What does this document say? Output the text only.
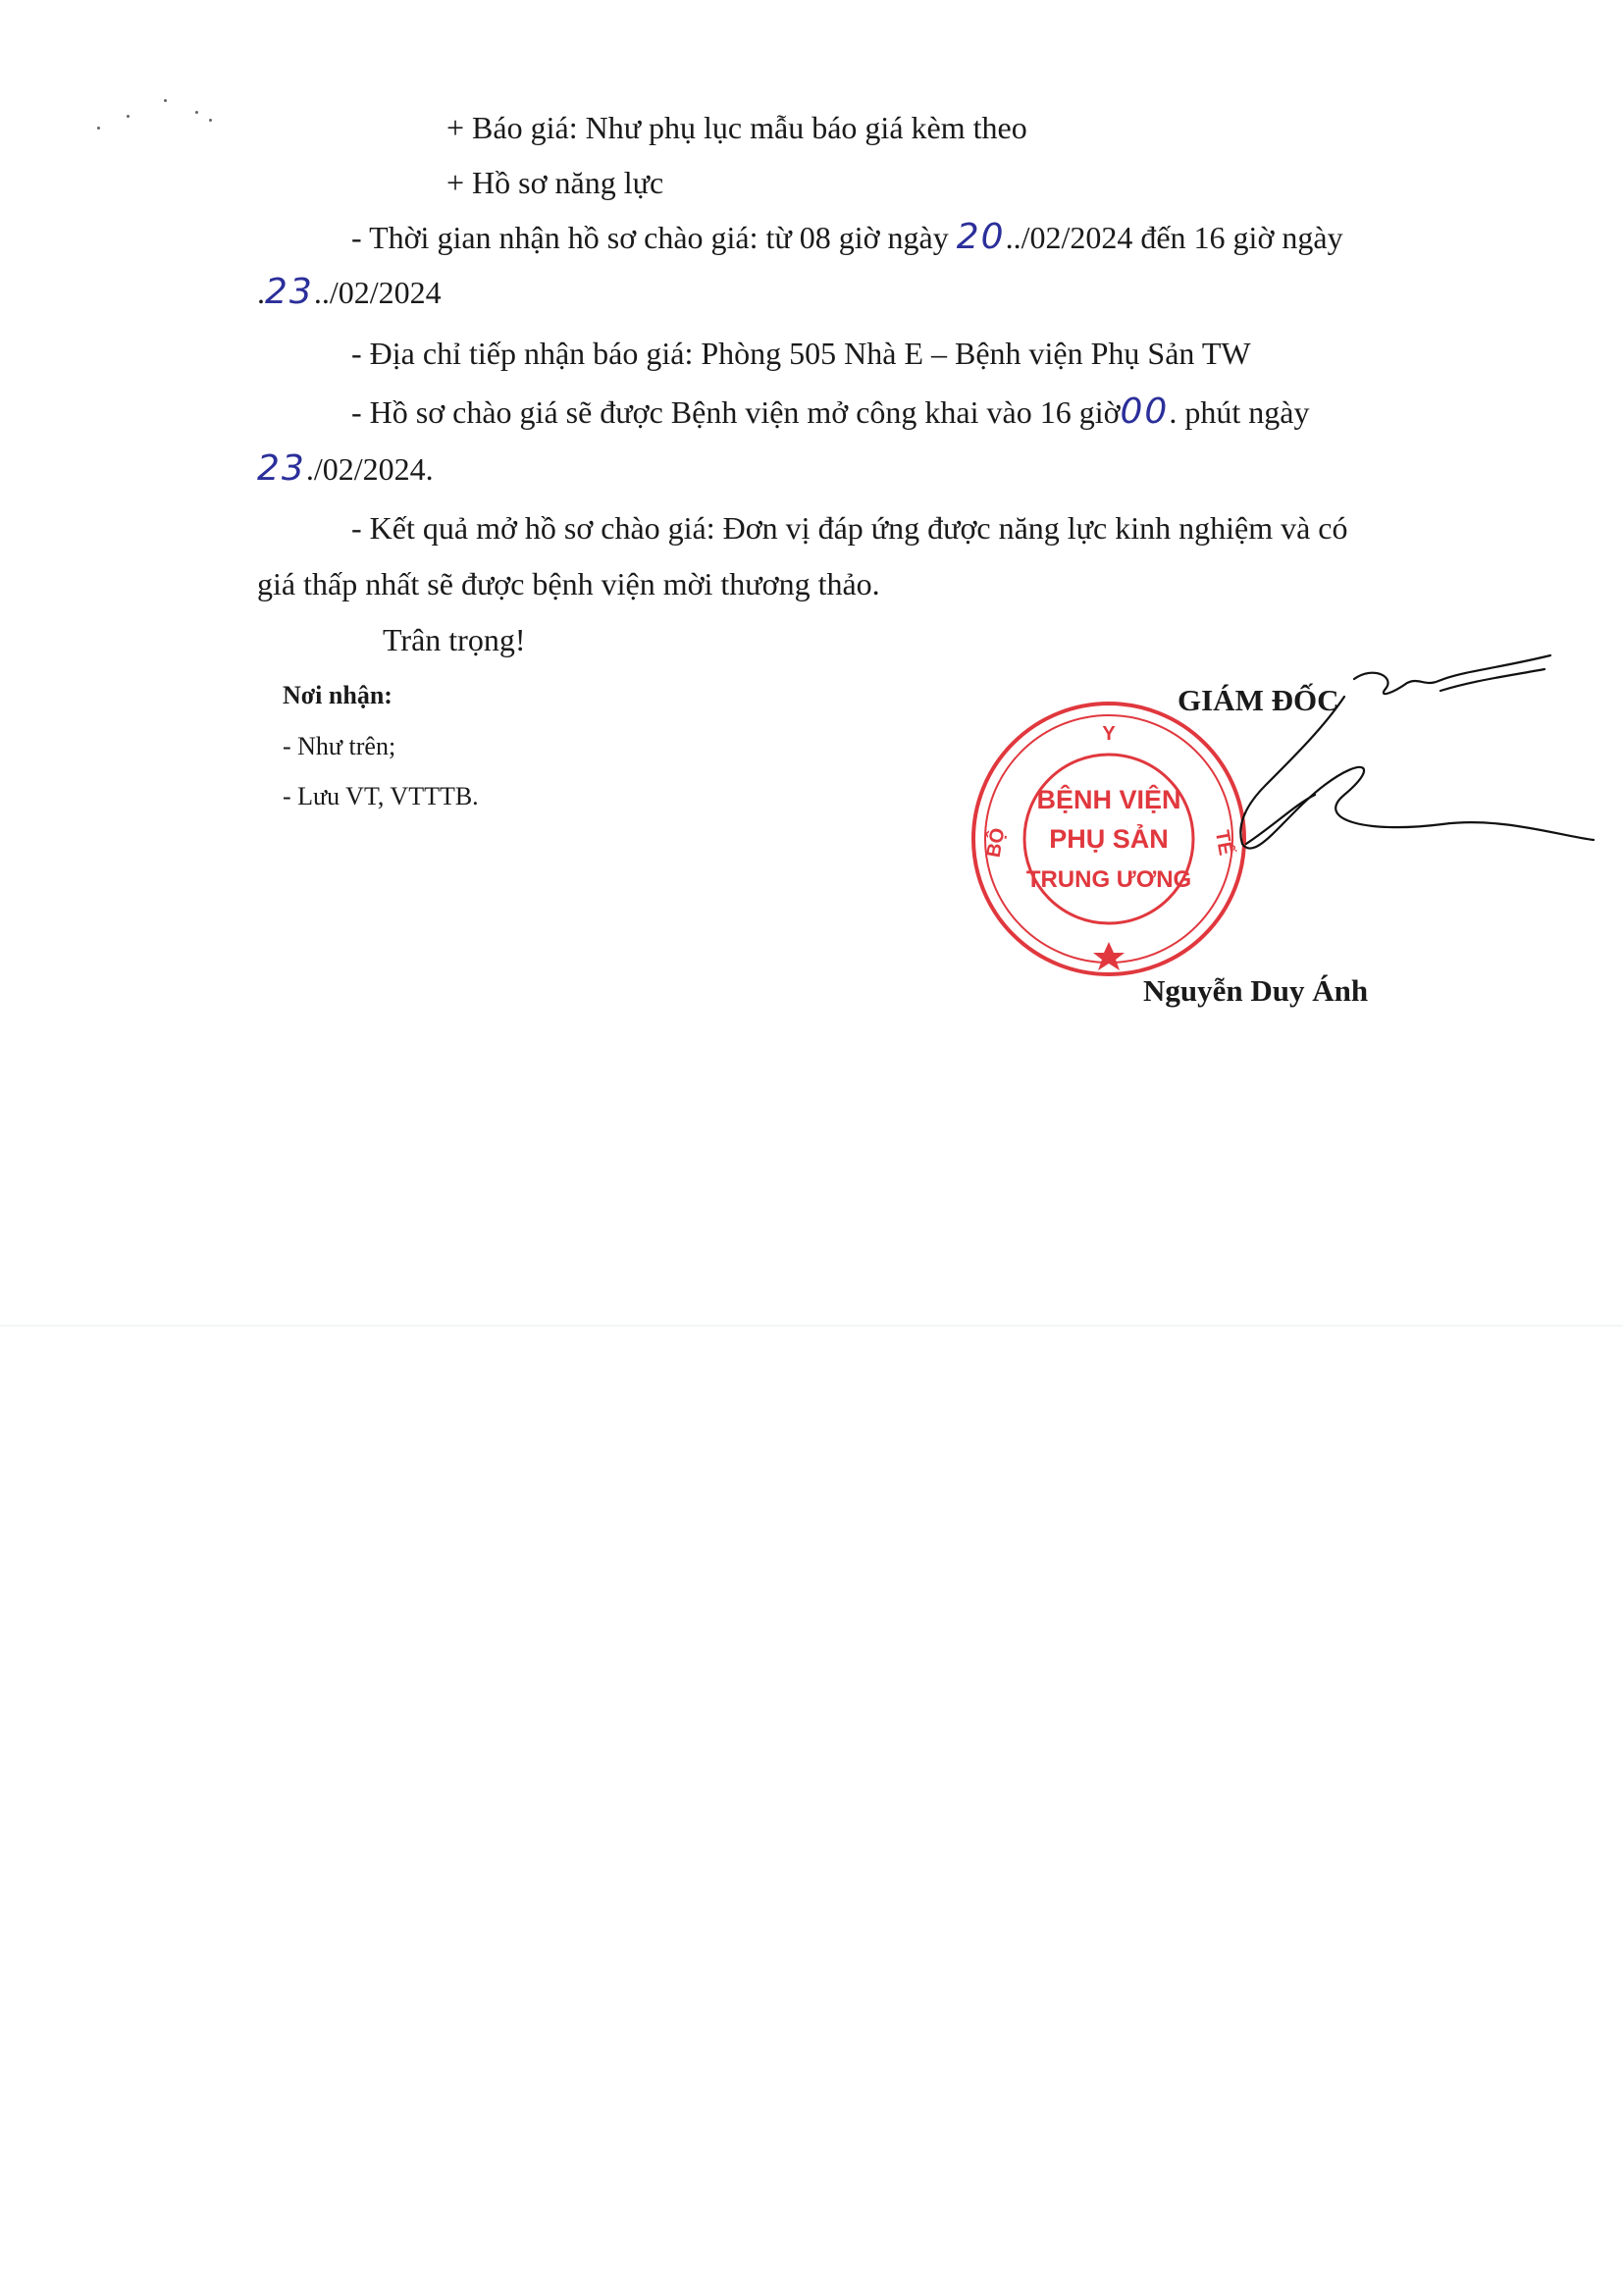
+ Báo giá: Như phụ lục mẫu báo giá kèm theo
+ Hồ sơ năng lực
- Thời gian nhận hồ sơ chào giá: từ 08 giờ ngày 20../02/2024 đến 16 giờ ngày
.23../02/2024
- Địa chỉ tiếp nhận báo giá: Phòng 505 Nhà E – Bệnh viện Phụ Sản TW
- Hồ sơ chào giá sẽ được Bệnh viện mở công khai vào 16 giờ00. phút ngày
23./02/2024.
- Kết quả mở hồ sơ chào giá: Đơn vị đáp ứng được năng lực kinh nghiệm và có
giá thấp nhất sẽ được bệnh viện mời thương thảo.
Trân trọng!
Nơi nhận:
- Như trên;
- Lưu VT, VTTTB.
GIÁM ĐỐC
Y
BỘ	TẾ
BỆNH VIỆN
PHỤ SẢN
TRUNG ƯƠNG
Nguyễn Duy Ánh
